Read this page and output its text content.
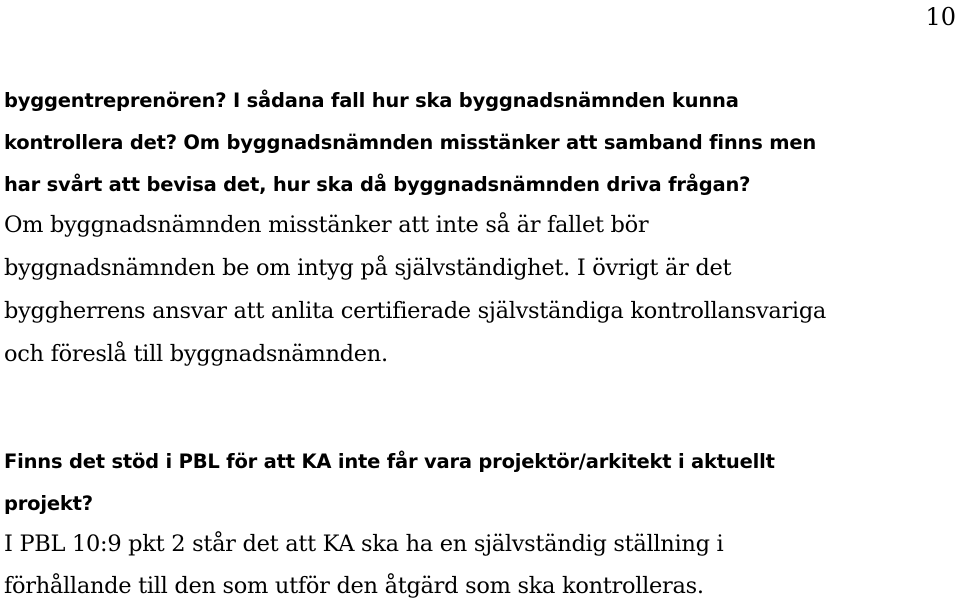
10
byggentreprenören? I sådana fall hur ska byggnadsnämnden kunna
kontrollera det? Om byggnadsnämnden misstänker att samband finns men
har svårt att bevisa det, hur ska då byggnadsnämnden driva frågan?
Om byggnadsnämnden misstänker att inte så är fallet bör
byggnadsnämnden be om intyg på självständighet. I övrigt är det
byggherrens ansvar att anlita certifierade självständiga kontrollansvariga
och föreslå till byggnadsnämnden.
Finns det stöd i PBL för att KA inte får vara projektör/arkitekt i aktuellt
projekt?
I PBL 10:9 pkt 2 står det att KA ska ha en självständig ställning i
förhållande till den som utför den åtgärd som ska kontrolleras.
